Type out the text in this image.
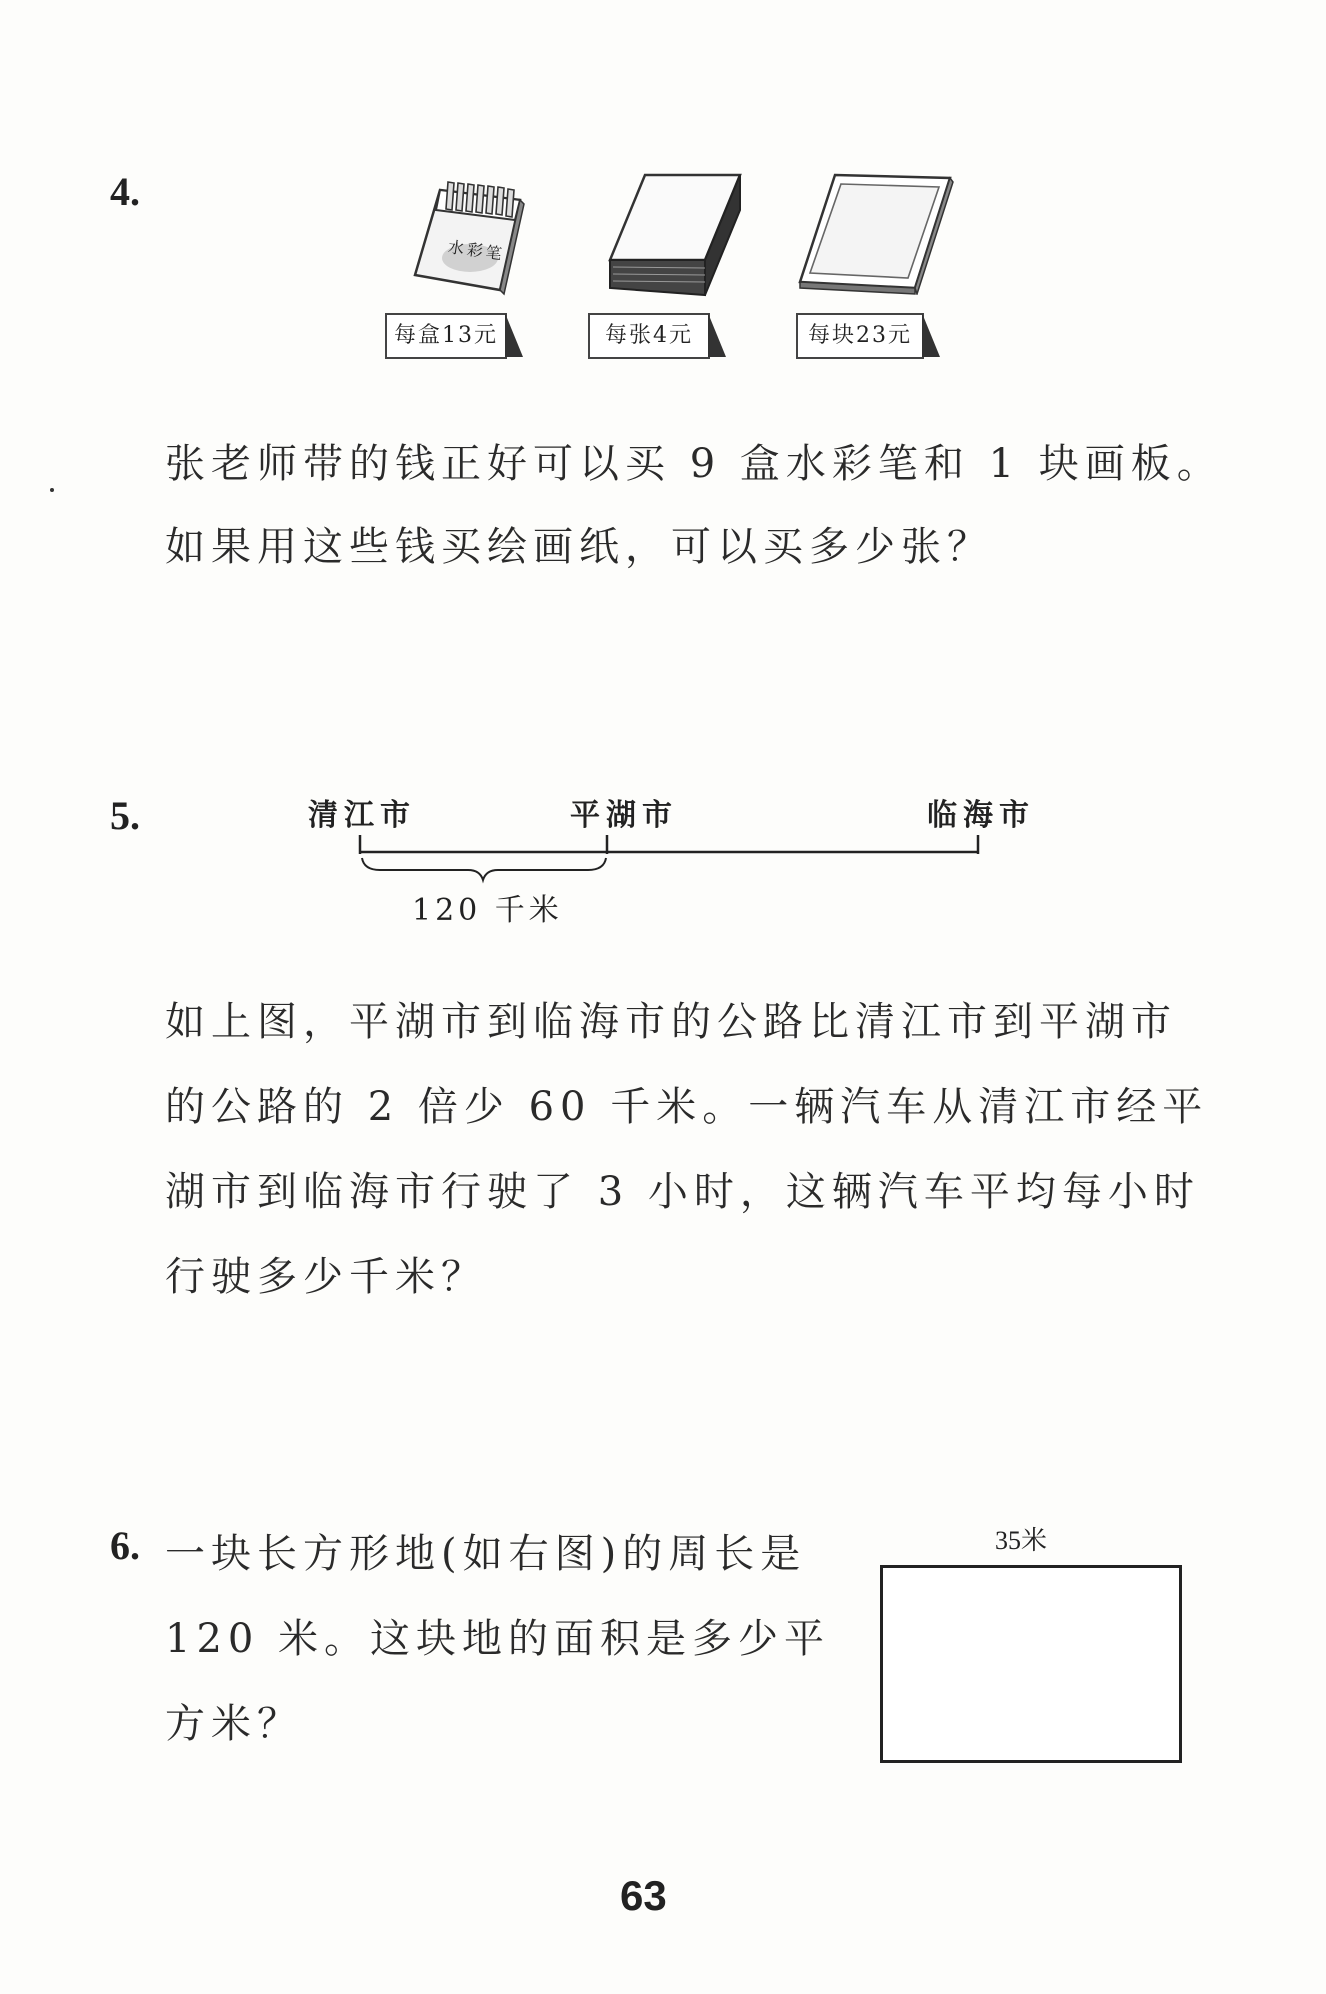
4.
水彩笔
每盒13元	每张4元	每块23元
张老师带的钱正好可以买 9 盒水彩笔和 1 块画板。
如果用这些钱买绘画纸，可以买多少张？
5.	清江市	平湖市	临海市
120 千米
如上图，平湖市到临海市的公路比清江市到平湖市
的公路的 2 倍少 60 千米。一辆汽车从清江市经平
湖市到临海市行驶了 3 小时，这辆汽车平均每小时
行驶多少千米？
6. 一块长方形地(如右图)的周长是
120 米。这块地的面积是多少平
方米？
35米
63
